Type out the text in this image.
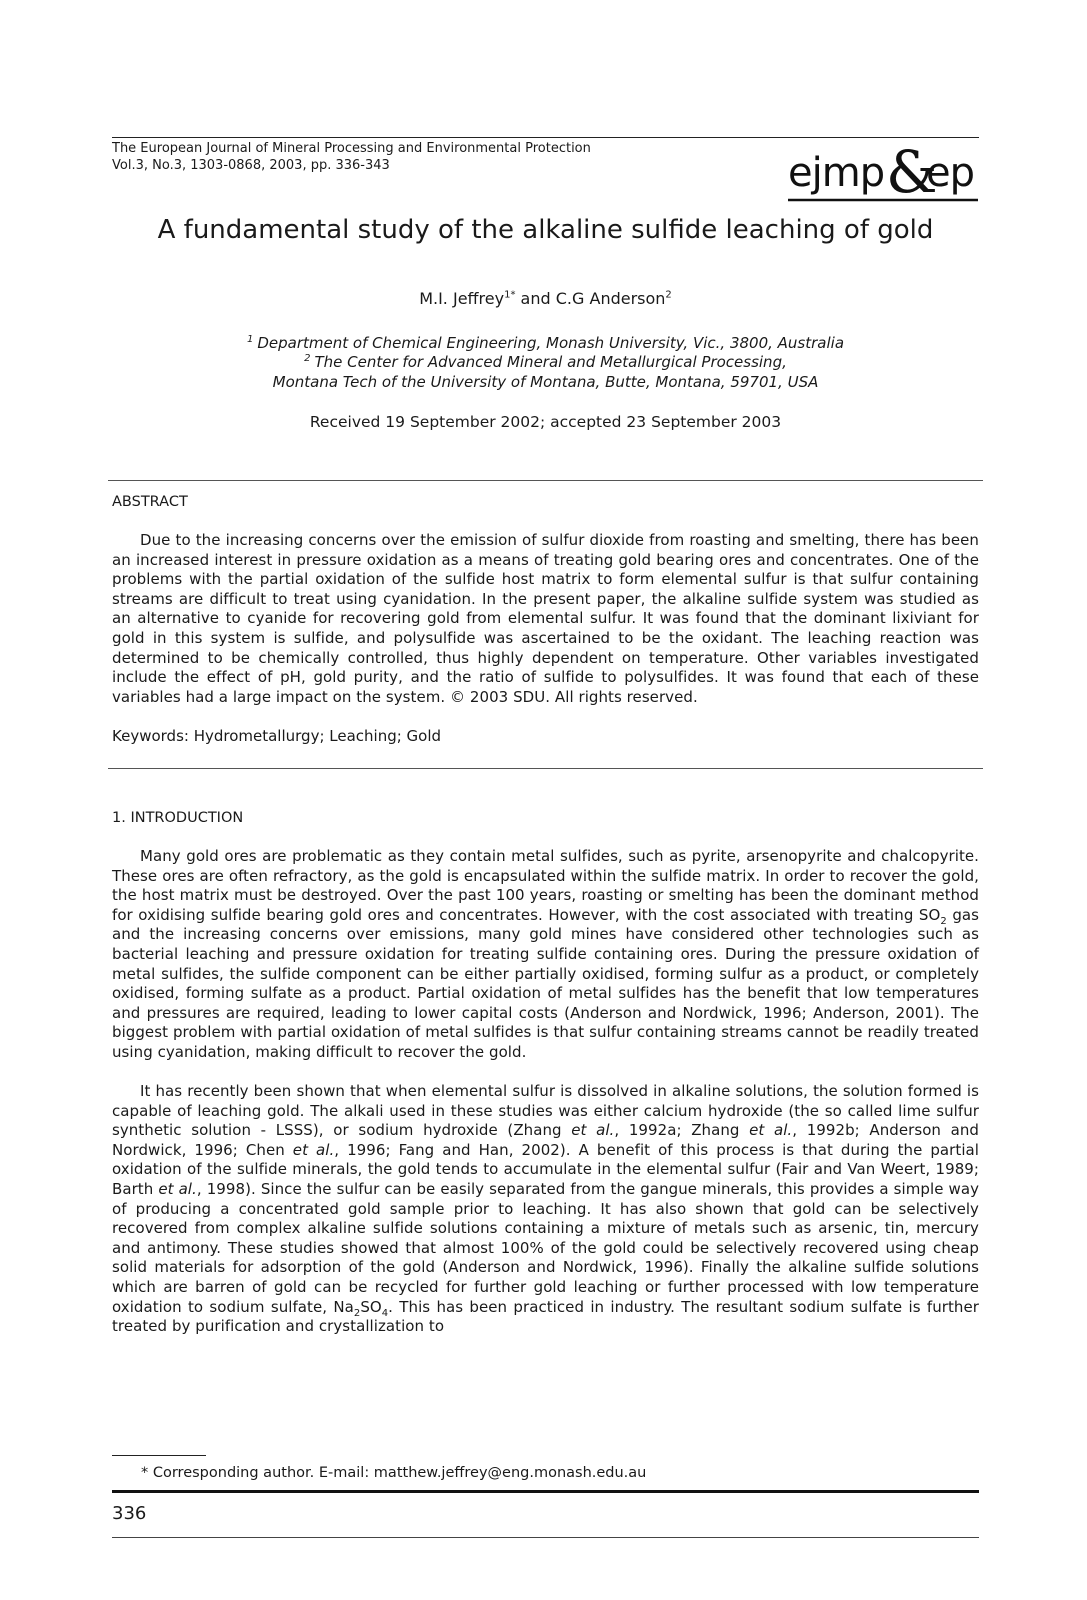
The European Journal of Mineral Processing and Environmental Protection
Vol.3, No.3, 1303-0868, 2003, pp. 336-343	ejmp &
ep
A fundamental study of the alkaline sulfide leaching of gold
M.I. Jeffrey$^{1*}$ and C.G Anderson$^2$
$^1$ Department of Chemical Engineering, Monash University, Vic., 3800, Australia
$^2$ The Center for Advanced Mineral and Metallurgical Processing,
Montana Tech of the University of Montana, Butte, Montana, 59701, USA
Received 19 September 2002; accepted 23 September 2003
ABSTRACT
Due to the increasing concerns over the emission of sulfur dioxide from roasting and smelting, there has been an increased interest in pressure oxidation as a means of treating gold bearing ores and concentrates. One of the problems with the partial oxidation of the sulfide host matrix to form elemental sulfur is that sulfur containing streams are difficult to treat using cyanidation. In the present paper, the alkaline sulfide system was studied as an alternative to cyanide for recovering gold from elemental sulfur. It was found that the dominant lixiviant for gold in this system is sulfide, and polysulfide was ascertained to be the oxidant. The leaching reaction was determined to be chemically controlled, thus highly dependent on temperature. Other variables investigated include the effect of pH, gold purity, and the ratio of sulfide to polysulfides. It was found that each of these variables had a large impact on the system. © 2003 SDU. All rights reserved.
Keywords: Hydrometallurgy; Leaching; Gold
1. INTRODUCTION
Many gold ores are problematic as they contain metal sulfides, such as pyrite, arsenopyrite and chalcopyrite. These ores are often refractory, as the gold is encapsulated within the sulfide matrix. In order to recover the gold, the host matrix must be destroyed. Over the past 100 years, roasting or smelting has been the dominant method for oxidising sulfide bearing gold ores and concentrates. However, with the cost associated with treating $SO_2$ gas and the increasing concerns over emissions, many gold mines have considered other technologies such as bacterial leaching and pressure oxidation for treating sulfide containing ores. During the pressure oxidation of metal sulfides, the sulfide component can be either partially oxidised, forming sulfur as a product, or completely oxidised, forming sulfate as a product. Partial oxidation of metal sulfides has the benefit that low temperatures and pressures are required, leading to lower capital costs (Anderson and Nordwick, 1996; Anderson, 2001). The biggest problem with partial oxidation of metal sulfides is that sulfur containing streams cannot be readily treated using cyanidation, making difficult to recover the gold.
It has recently been shown that when elemental sulfur is dissolved in alkaline solutions, the solution formed is capable of leaching gold. The alkali used in these studies was either calcium hydroxide (the so called lime sulfur synthetic solution - LSSS), or sodium hydroxide (Zhang et al., 1992a; Zhang et al., 1992b; Anderson and Nordwick, 1996; Chen et al., 1996; Fang and Han, 2002). A benefit of this process is that during the partial oxidation of the sulfide minerals, the gold tends to accumulate in the elemental sulfur (Fair and Van Weert, 1989; Barth et al., 1998). Since the sulfur can be easily separated from the gangue minerals, this provides a simple way of producing a concentrated gold sample prior to leaching. It has also shown that gold can be selectively recovered from complex alkaline sulfide solutions containing a mixture of metals such as arsenic, tin, mercury and antimony. These studies showed that almost 100% of the gold could be selectively recovered using cheap solid materials for adsorption of the gold (Anderson and Nordwick, 1996). Finally the alkaline sulfide solutions which are barren of gold can be recycled for further gold leaching or further processed with low temperature oxidation to sodium sulfate, $Na_2SO_4$. This has been practiced in industry. The resultant sodium sulfate is further treated by purification and crystallization to
* Corresponding author. E-mail: matthew.jeffrey@eng.monash.edu.au
336
